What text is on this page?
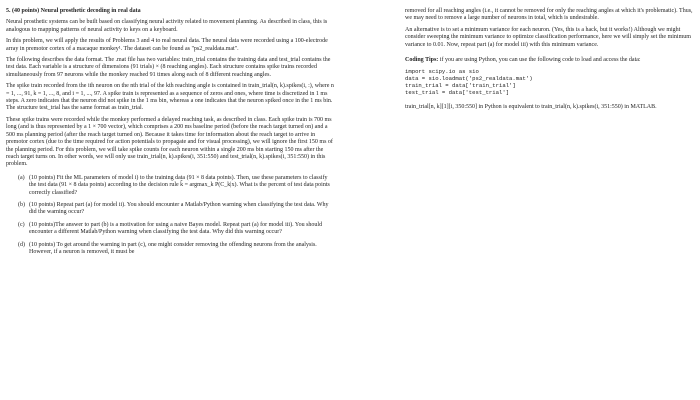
5. (40 points) Neural prosthetic decoding in real data

Neural prosthetic systems can be built based on classifying neural activity related to movement planning. As described in class, this is analogous to mapping patterns of neural activity to keys on a keyboard.

In this problem, we will apply the results of Problems 3 and 4 to real neural data. The neural data were recorded using a 100-electrode array in premotor cortex of a macaque monkey¹. The dataset can be found as "ps2_realdata.mat".

The following describes the data format. The .mat file has two variables: train_trial contains the training data and test_trial contains the test data. Each variable is a structure of dimensions (91 trials) × (8 reaching angles). Each structure contains spike trains recorded simultaneously from 97 neurons while the monkey reached 91 times along each of 8 different reaching angles.

The spike train recorded from the ith neuron on the nth trial of the kth reaching angle is contained in train_trial(n, k).spikes(i, :), where n = 1, ..., 91, k = 1, ..., 8, and i = 1, ..., 97. A spike train is represented as a sequence of zeros and ones, where time is discretized in 1 ms steps. A zero indicates that the neuron did not spike in the 1 ms bin, whereas a one indicates that the neuron spiked once in the 1 ms bin. The structure test_trial has the same format as train_trial.

These spike trains were recorded while the monkey performed a delayed reaching task, as described in class. Each spike train is 700 ms long (and is thus represented by a 1 × 700 vector), which comprises a 200 ms baseline period (before the reach target turned on) and a 500 ms planning period (after the reach target turned on). Because it takes time for information about the reach target to arrive in premotor cortex (due to the time required for action potentials to propagate and for visual processing), we will ignore the first 150 ms of the planning period. For this problem, we will take spike counts for each neuron within a single 200 ms bin starting 150 ms after the reach target turns on. In other words, we will only use train_trial(n, k).spikes(i, 351:550) and test_trial(n, k).spikes(i, 351:550) in this problem.

(a) (10 points) Fit the ML parameters of model i) to the training data (91 × 8 data points). Then, use these parameters to classify the test data (91 × 8 data points) according to the decision rule k̂ = argmax_k P(C_k|x). What is the percent of test data points correctly classified?
(b) (10 points) Repeat part (a) for model ii). You should encounter a Matlab/Python warning when classifying the test data. Why did the warning occur?
(c) (10 points)The answer to part (b) is a motivation for using a naive Bayes model. Repeat part (a) for model iii). You should encounter a different Matlab/Python warning when classifying the test data. Why did this warning occur?
(d) (10 points) To get around the warning in part (c), one might consider removing the offending neurons from the analysis. However, if a neuron is removed, it must be

removed for all reaching angles (i.e., it cannot be removed for only the reaching angles at which it's problematic). Thus, we may need to remove a large number of neurons in total, which is undesirable.

An alternative is to set a minimum variance for each neuron. (Yes, this is a hack, but it works!) Although we might consider sweeping the minimum variance to optimize classification performance, here we will simply set the minimum variance to 0.01. Now, repeat part (a) for model iii) with this minimum variance.

Coding Tips: if you are using Python, you can use the following code to load and access the data:

import scipy.io as sio
data = sio.loadmat('ps2_realdata.mat')
train_trial = data['train_trial']
test_trial = data['test_trial']

train_trial[n, k][1][i, 350:550] in Python is equivalent to train_trial(n, k).spikes(i, 351:550) in MATLAB.
